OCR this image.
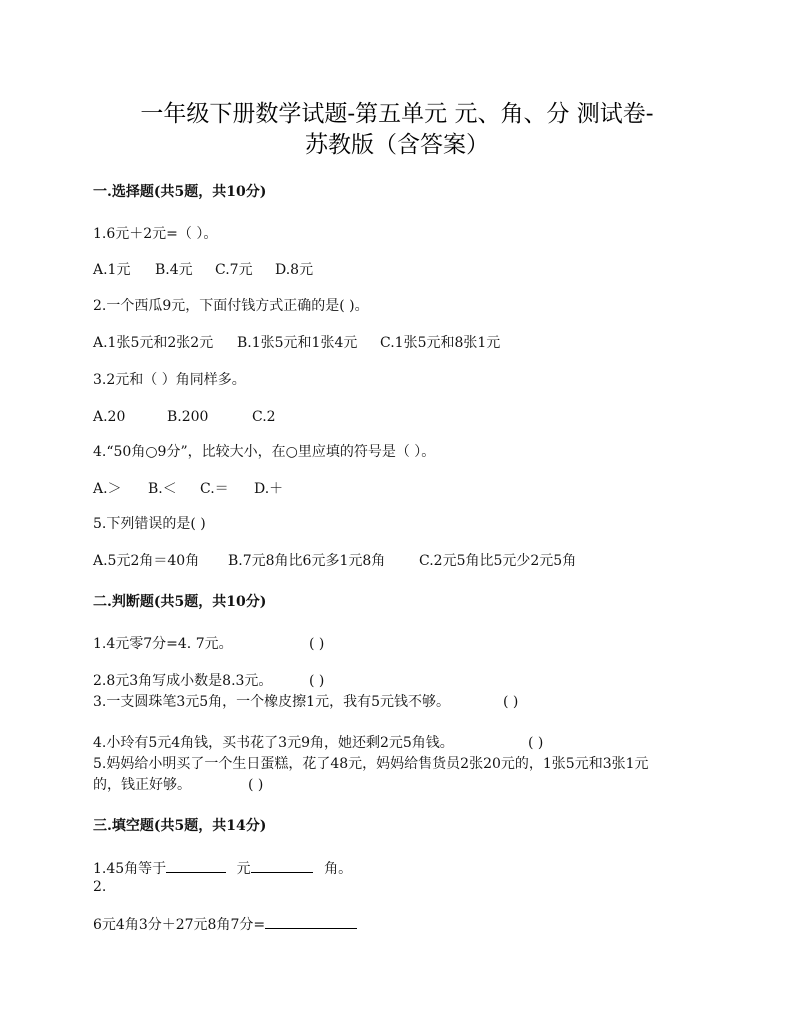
一年级下册数学试题-第五单元 元、角、分 测试卷-
苏教版（含答案）
一.选择题(共5题，共10分)
1.6元＋2元=（ ）。
A.1元 B.4元 C.7元 D.8元
2.一个西瓜9元，下面付钱方式正确的是( )。
A.1张5元和2张2元 B.1张5元和1张4元 C.1张5元和8张1元
3.2元和（ ）角同样多。
A.20	B.200	C.2
4.“50角○9分”，比较大小，在○里应填的符号是（ ）。
A.＞ B.＜ C.＝ D.＋
5.下列错误的是( )
A.5元2角＝40角 B.7元8角比6元多1元8角 C.2元5角比5元少2元5角
二.判断题(共5题，共10分)
1.4元零7分=4. 7元。	( )
2.8元3角写成小数是8.3元。	( )
3.一支圆珠笔3元5角，一个橡皮擦1元，我有5元钱不够。	( )
4.小玲有5元4角钱，买书花了3元9角，她还剩2元5角钱。	( )
5.妈妈给小明买了一个生日蛋糕，花了48元，妈妈给售货员2张20元的，1张5元和3张1元
的，钱正好够。	( )
三.填空题(共5题，共14分)
1.45角等于	元	角。
2.
6元4角3分＋27元8角7分=
